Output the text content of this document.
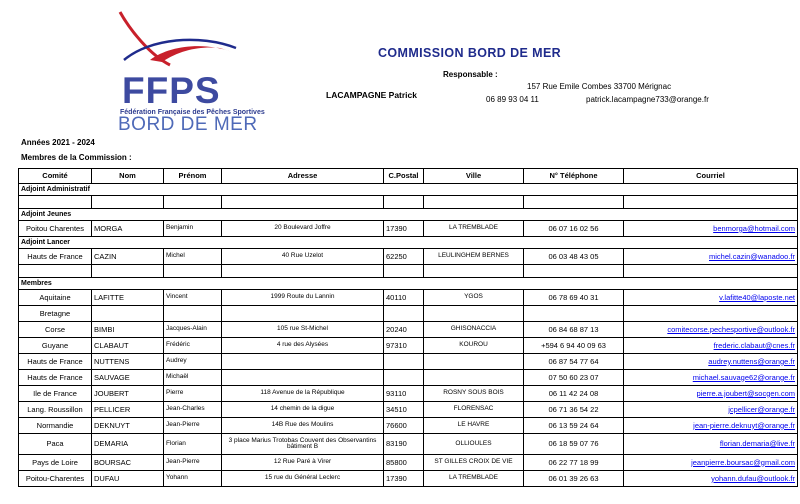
FFPS
Fédération Française des Pêches Sportives
BORD DE MER
COMMISSION BORD DE MER
Responsable :
LACAMPAGNE Patrick
157 Rue Emile Combes 33700 Mérignac
06 89 93 04 11	patrick.lacampagne733@orange.fr
Années 2021 - 2024
Membres de la Commission :
Comité	Nom	Prénom	Adresse	C.Postal	Ville	N° Téléphone	Courriel
Adjoint Administratif							

Adjoint Jeunes							
Poitou Charentes	MORGA	Benjamin	20 Boulevard Joffre	17390	LA TREMBLADE	06 07 16 02 56	benmorga@hotmail.com
Adjoint Lancer							
Hauts de France	CAZIN	Michel	40 Rue Uzelot	62250	LEULINGHEM BERNES	06 03 48 43 05	michel.cazin@wanadoo.fr

Membres							
Aquitaine	LAFITTE	Vincent	1999 Route du Lannin	40110	YGOS	06 78 69 40 31	v.lafitte40@laposte.net
Bretagne							
Corse	BIMBI	Jacques-Alain	105 rue St-Michel	20240	GHISONACCIA	06 84 68 87 13	comitecorse.pechesportive@outlook.fr
Guyane	CLABAUT	Frédéric	4 rue des Alysées	97310	KOUROU	+594 6 94 40 09 63	frederic.clabaut@cnes.fr
Hauts de France	NUTTENS	Audrey				06 87 54 77 64	audrey.nuttens@orange.fr
Hauts de France	SAUVAGE	Michaël				07 50 60 23 07	michael.sauvage62@orange.fr
Ile de France	JOUBERT	Pierre	118 Avenue de la République	93110	ROSNY SOUS BOIS	06 11 42 24 08	pierre.a.joubert@socgen.com
Lang. Roussillon	PELLICER	Jean-Charles	14 chemin de la digue	34510	FLORENSAC	06 71 36 54 22	jcpellicer@orange.fr
Normandie	DEKNUYT	Jean-Pierre	14B Rue des Moulins	76600	LE HAVRE	06 13 59 24 64	jean-pierre.deknuyt@orange.fr
Paca	DEMARIA	Florian	3 place Marius Trotobas Couvent des Observantins bâtiment B	83190	OLLIOULES	06 18 59 07 76	florian.demaria@live.fr
Pays de Loire	BOURSAC	Jean-Pierre	12 Rue Paré à Virer	85800	ST GILLES CROIX DE VIE	06 22 77 18 99	jeanpierre.boursac@gmail.com
Poitou-Charentes	DUFAU	Yohann	15 rue du Général Leclerc	17390	LA TREMBLADE	06 01 39 26 63	yohann.dufau@outlook.fr
